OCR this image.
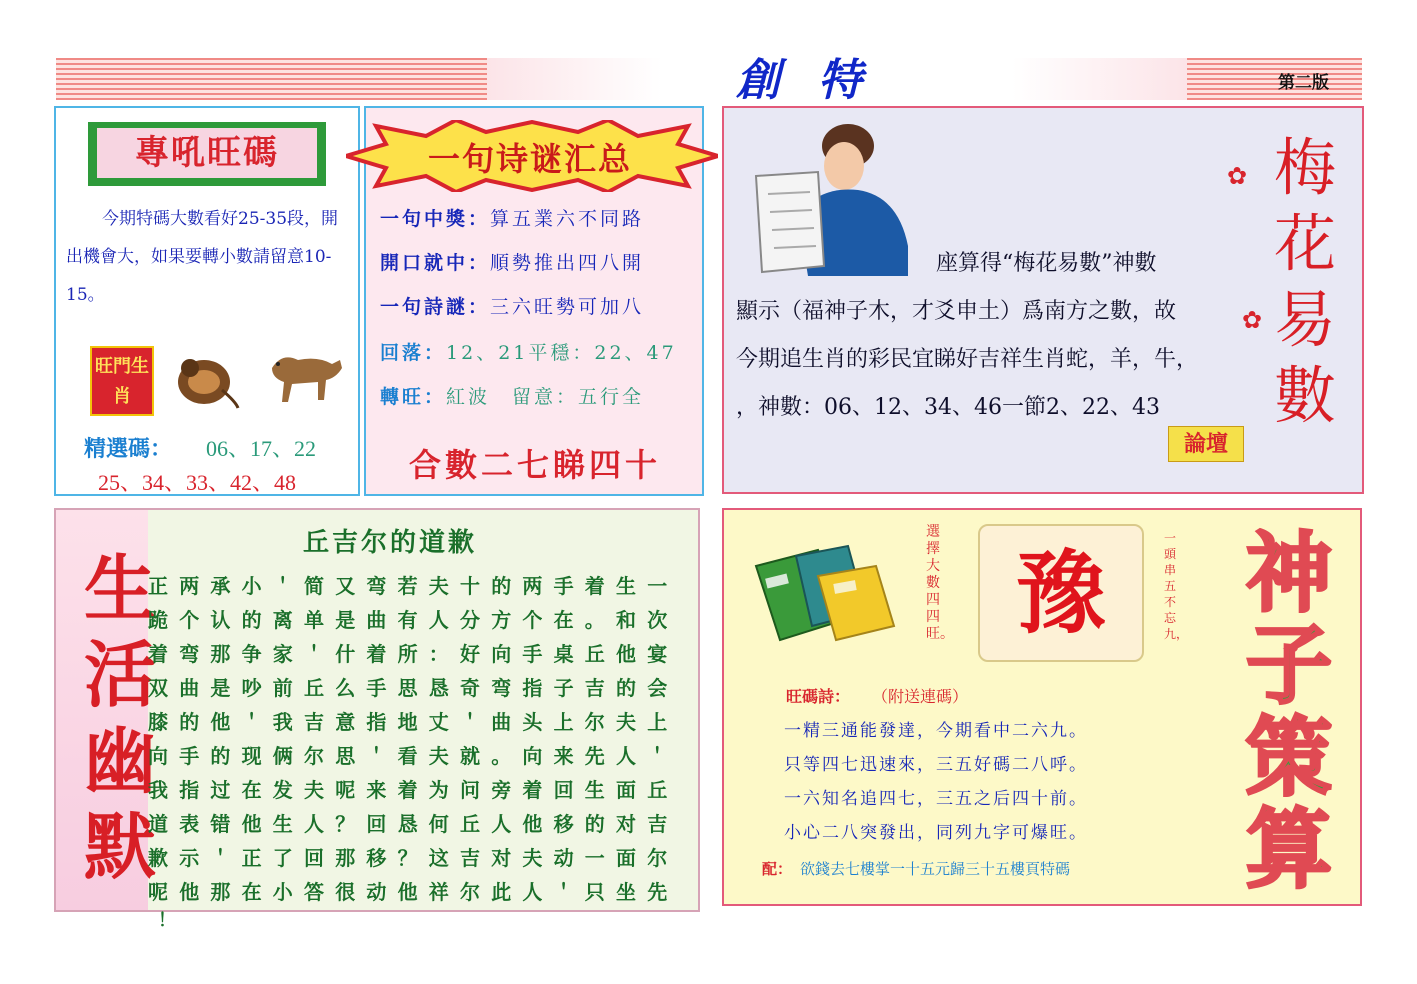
創特	第二版
專吼旺碼
今期特碼大數看好25-35段，開出機會大，如果要轉小數請留意10-15。
旺門生肖
精選碼： 06、17、22
25、34、33、42、48
一句诗谜汇总
一句中獎：算五業六不同路
開口就中：順勢推出四八開
一句詩謎：三六旺勢可加八
回落：12、21平穩：22、47
轉旺：紅波　留意：五行全
合數二七睇四十
座算得“梅花易數”神數
顯示（福神子木，才爻申土）爲南方之數，故
今期追生肖的彩民宜睇好吉祥生肖蛇，羊，牛，
，神數：06、12、34、46一節2、22、43
✿
✿
梅花易數
論壇
生活幽默
丘吉尔的道歉
正两承小＇简又弯若夫十的两手着生一
跪个认的离单是曲有人分方个在。和次
着弯那争家＇什着所：好向手桌丘他宴
双曲是吵前丘么手思恳奇弯指子吉的会
膝的他＇我吉意指地丈＇曲头上尔夫上
向手的现俩尔思＇看夫就。向来先人＇
我指过在发夫呢来着为问旁着回生面丘
道表错他生人？回恳何丘人他移的对吉
歉示＇正了回那移？这吉对夫动一面尔
呢他那在小答很动他祥尔此人＇只坐先
！
選擇大數四四旺。
一頭串五不忘九，
豫	神子策算
旺碼詩： （附送連碼）
一精三通能發達，今期看中二六九。
只等四七迅速來，三五好碼二八呼。
一六知名追四七，三五之后四十前。
小心二八突發出，同列九字可爆旺。
配： 欲錢去七樓掌一十五元歸三十五樓頁特碼
